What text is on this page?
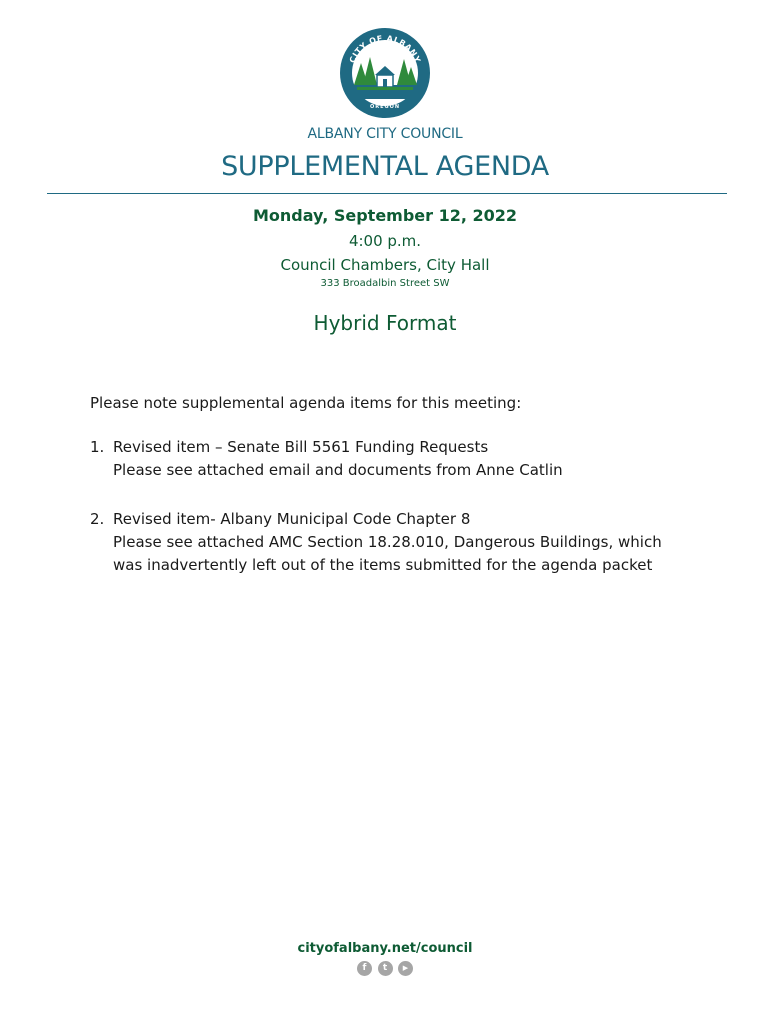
CITY OF ALBANY
OREGON
ALBANY CITY COUNCIL
SUPPLEMENTAL AGENDA
Monday, September 12, 2022
4:00 p.m.
Council Chambers, City Hall
333 Broadalbin Street SW
Hybrid Format
Please note supplemental agenda items for this meeting:
1. Revised item – Senate Bill 5561 Funding Requests
Please see attached email and documents from Anne Catlin
2. Revised item- Albany Municipal Code Chapter 8
Please see attached AMC Section 18.28.010, Dangerous Buildings, which
was inadvertently left out of the items submitted for the agenda packet
cityofalbany.net/council
f	t	▶
